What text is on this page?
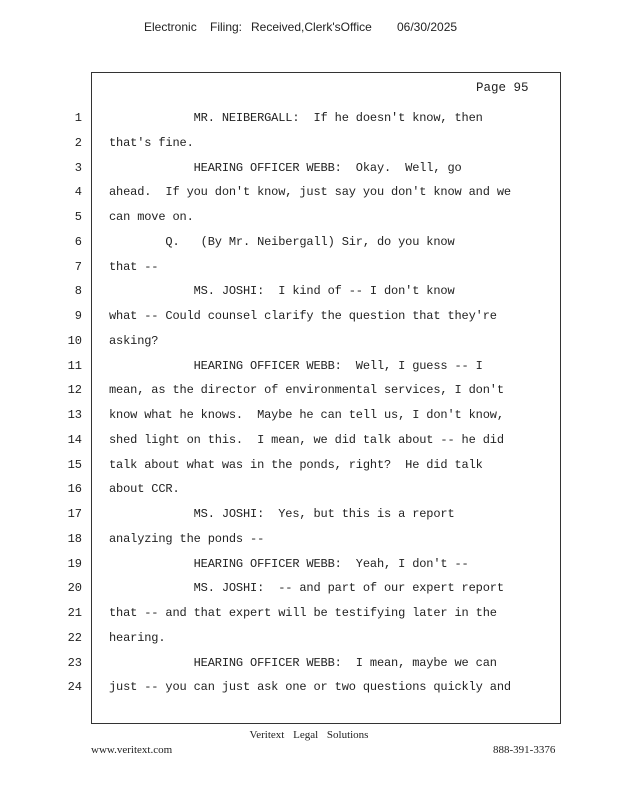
Electronic Filing: Received,Clerk'sOffice 06/30/2025
Page 95
1 MR. NEIBERGALL:  If he doesn't know, then
2 that's fine.
3 HEARING OFFICER WEBB:  Okay.  Well, go
4 ahead.  If you don't know, just say you don't know and we
5 can move on.
6 Q.   (By Mr. Neibergall) Sir, do you know
7 that --
8 MS. JOSHI:  I kind of -- I don't know
9 what -- Could counsel clarify the question that they're
10 asking?
11 HEARING OFFICER WEBB:  Well, I guess -- I
12 mean, as the director of environmental services, I don't
13 know what he knows.  Maybe he can tell us, I don't know,
14 shed light on this.  I mean, we did talk about -- he did
15 talk about what was in the ponds, right?  He did talk
16 about CCR.
17 MS. JOSHI:  Yes, but this is a report
18 analyzing the ponds --
19 HEARING OFFICER WEBB:  Yeah, I don't --
20 MS. JOSHI:  -- and part of our expert report
21 that -- and that expert will be testifying later in the
22 hearing.
23 HEARING OFFICER WEBB:  I mean, maybe we can
24 just -- you can just ask one or two questions quickly and
Veritext Legal Solutions
www.veritext.com	888-391-3376
